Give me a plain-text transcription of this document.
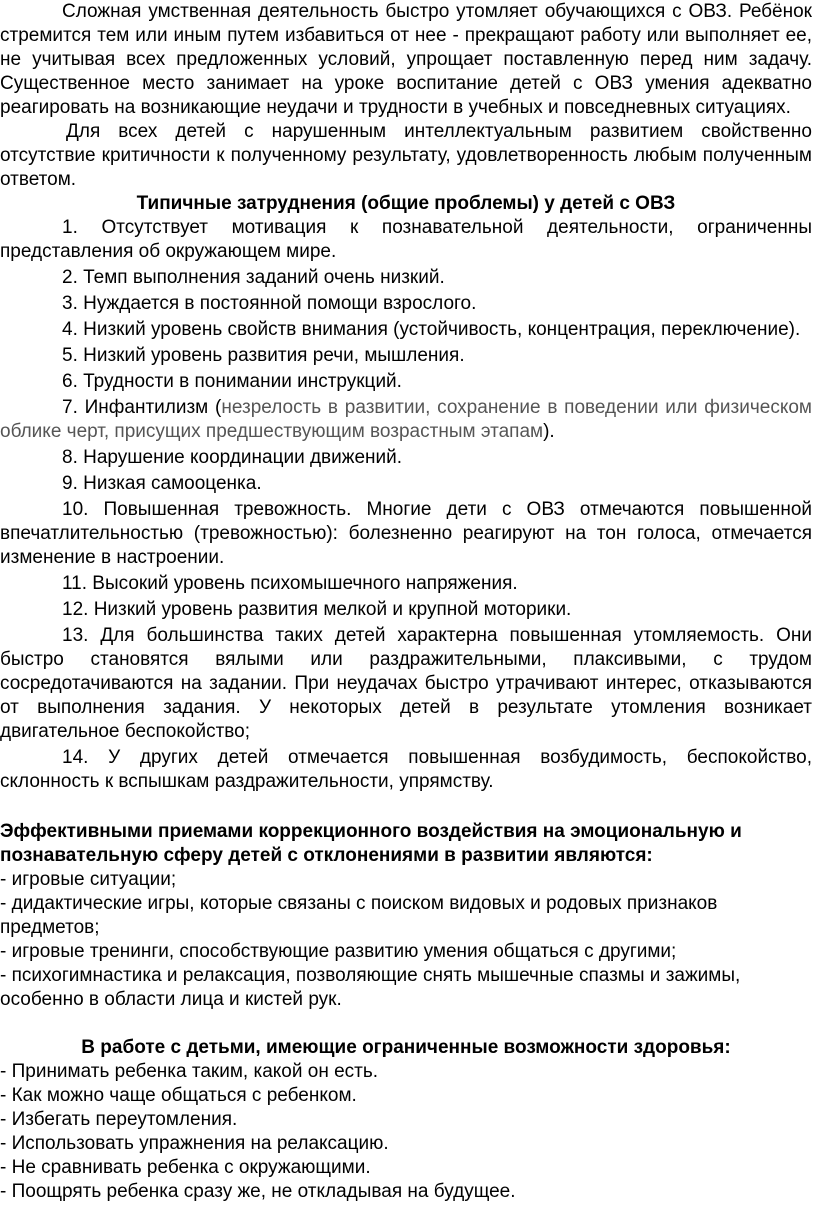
Сложная умственная деятельность быстро утомляет обучающихся с ОВЗ. Ребёнок стремится тем или иным путем избавиться от нее - прекращают работу или выполняет ее, не учитывая всех предложенных условий, упрощает поставленную перед ним задачу. Существенное место занимает на уроке воспитание детей с ОВЗ умения адекватно реагировать на возникающие неудачи и трудности в учебных и повседневных ситуациях.

Для всех детей с нарушенным интеллектуальным развитием свойственно отсутствие критичности к полученному результату, удовлетворенность любым полученным ответом.

Типичные затруднения (общие проблемы) у детей с ОВЗ

1. Отсутствует мотивация к познавательной деятельности, ограниченны представления об окружающем мире.

2. Темп выполнения заданий очень низкий.

3. Нуждается в постоянной помощи взрослого.

4. Низкий уровень свойств внимания (устойчивость, концентрация, переключение).

5. Низкий уровень развития речи, мышления.

6. Трудности в понимании инструкций.

7. Инфантилизм (незрелость в развитии, сохранение в поведении или физическом облике черт, присущих предшествующим возрастным этапам).

8. Нарушение координации движений.

9. Низкая самооценка.

10. Повышенная тревожность. Многие дети с ОВЗ отмечаются повышенной впечатлительностью (тревожностью): болезненно реагируют на тон голоса, отмечается изменение в настроении.

11. Высокий уровень психомышечного напряжения.

12. Низкий уровень развития мелкой и крупной моторики.

13. Для большинства таких детей характерна повышенная утомляемость. Они быстро становятся вялыми или раздражительными, плаксивыми, с трудом сосредотачиваются на задании. При неудачах быстро утрачивают интерес, отказываются от выполнения задания. У некоторых детей в результате утомления возникает двигательное беспокойство;

14. У других детей отмечается повышенная возбудимость, беспокойство, склонность к вспышкам раздражительности, упрямству.

Эффективными приемами коррекционного воздействия на эмоциональную и познавательную сферу детей с отклонениями в развитии являются:

- игровые ситуации;

- дидактические игры, которые связаны с поиском видовых и родовых признаков предметов;

- игровые тренинги, способствующие развитию умения общаться с другими;

- психогимнастика и релаксация, позволяющие снять мышечные спазмы и зажимы, особенно в области лица и кистей рук.

В работе с детьми, имеющие ограниченные возможности здоровья:

- Принимать ребенка таким, какой он есть.

- Как можно чаще общаться с ребенком.

- Избегать переутомления.

- Использовать упражнения на релаксацию.

- Не сравнивать ребенка с окружающими.

- Поощрять ребенка сразу же, не откладывая на будущее.
